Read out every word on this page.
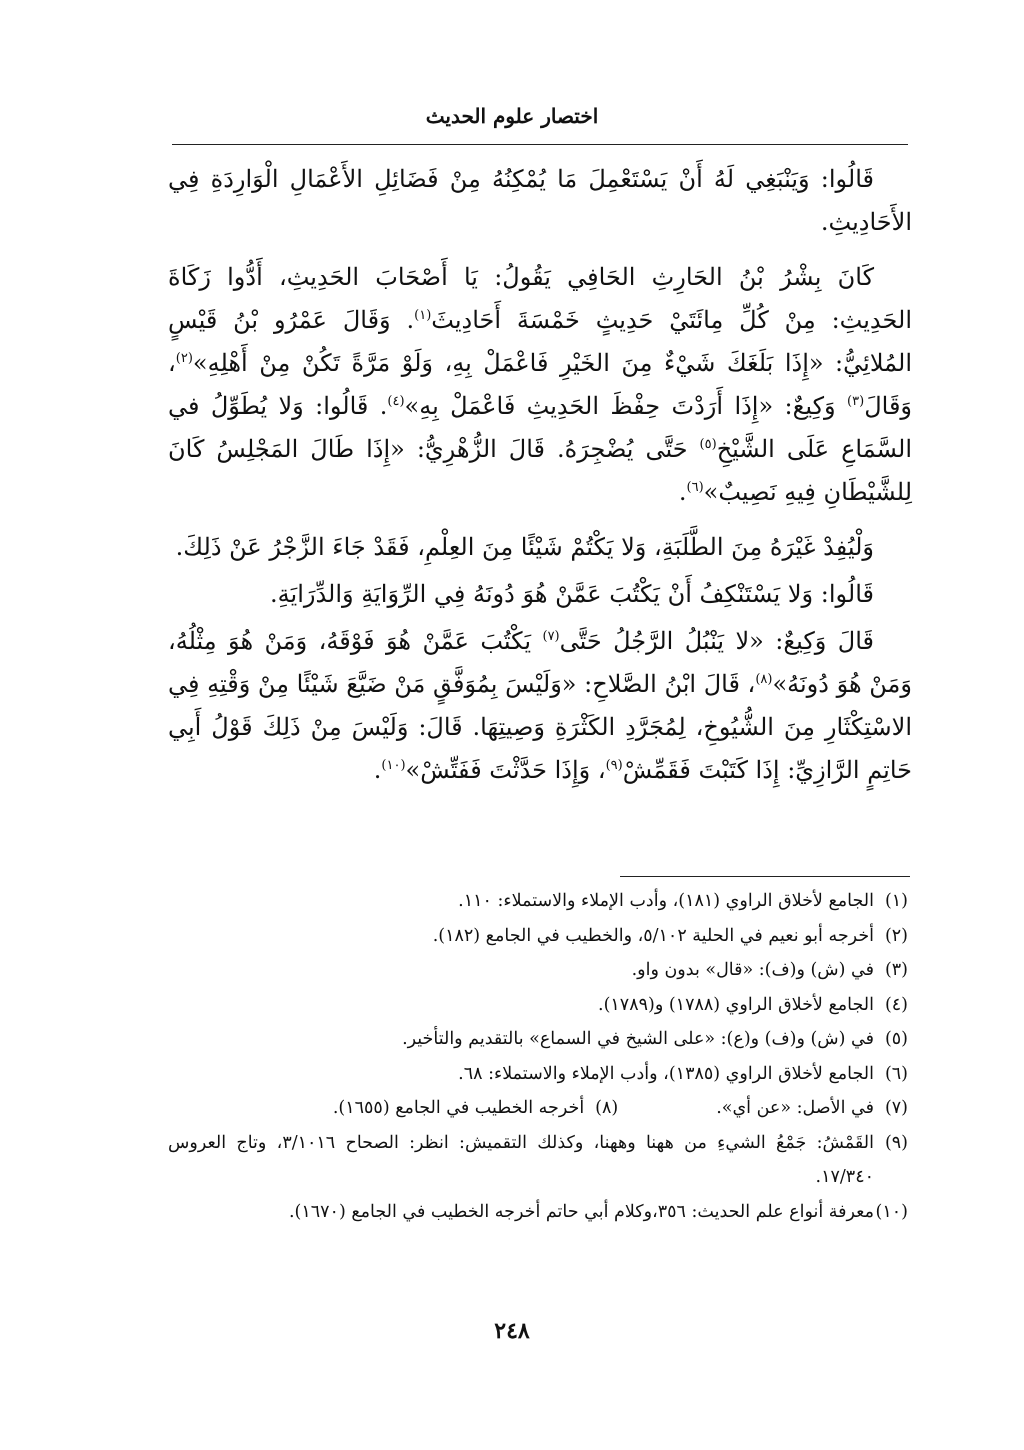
اختصار علوم الحديث

قَالُوا: وَيَنْبَغِي لَهُ أَنْ يَسْتَعْمِلَ مَا يُمْكِنُهُ مِنْ فَضَائِلِ الأَعْمَالِ الْوَارِدَةِ فِي الأَحَادِيثِ.

كَانَ بِشْرُ بْنُ الحَارِثِ الحَافِي يَقُولُ: يَا أَصْحَابَ الحَدِيثِ، أَدُّوا زَكَاةَ الحَدِيثِ: مِنْ كُلِّ مِائَتَيْ حَدِيثٍ خَمْسَةَ أَحَادِيثَ$^{(١)}$. وَقَالَ عَمْرُو بْنُ قَيْسٍ المُلائِيُّ: «إِذَا بَلَغَكَ شَيْءٌ مِنَ الخَيْرِ فَاعْمَلْ بِهِ، وَلَوْ مَرَّةً تَكُنْ مِنْ أَهْلِهِ»$^{(٢)}$، وَقَالَ$^{(٣)}$ وَكِيعٌ: «إِذَا أَرَدْتَ حِفْظَ الحَدِيثِ فَاعْمَلْ بِهِ»$^{(٤)}$. قَالُوا: وَلا يُطَوِّلُ في السَّمَاعِ عَلَى الشَّيْخِ$^{(٥)}$ حَتَّى يُضْجِرَهُ. قَالَ الزُّهْرِيُّ: «إِذَا طَالَ المَجْلِسُ كَانَ لِلشَّيْطَانِ فِيهِ نَصِيبٌ»$^{(٦)}$.

وَلْيُفِدْ غَيْرَهُ مِنَ الطَّلَبَةِ، وَلا يَكْتُمْ شَيْئًا مِنَ العِلْمِ، فَقَدْ جَاءَ الزَّجْرُ عَنْ ذَلِكَ.

قَالُوا: وَلا يَسْتَنْكِفُ أَنْ يَكْتُبَ عَمَّنْ هُوَ دُونَهُ فِي الرِّوَايَةِ وَالدِّرَايَةِ.

قَالَ وَكِيعٌ: «لا يَنْبُلُ الرَّجُلُ حَتَّى$^{(٧)}$ يَكْتُبَ عَمَّنْ هُوَ فَوْقَهُ، وَمَنْ هُوَ مِثْلُهُ، وَمَنْ هُوَ دُونَهُ»$^{(٨)}$، قَالَ ابْنُ الصَّلاحِ: «وَلَيْسَ بِمُوَفَّقٍ مَنْ ضَيَّعَ شَيْئًا مِنْ وَقْتِهِ فِي الاسْتِكْثَارِ مِنَ الشُّيُوخِ، لِمُجَرَّدِ الكَثْرَةِ وَصِيتِهَا. قَالَ: وَلَيْسَ مِنْ ذَلِكَ قَوْلُ أَبِي حَاتِمٍ الرَّازِيِّ: إِذَا كَتَبْتَ فَقَمِّشْ$^{(٩)}$، وَإِذَا حَدَّثْتَ فَفَتِّشْ»$^{(١٠)}$.

(١)
الجامع لأخلاق الراوي (١٨١)، وأدب الإملاء والاستملاء: ١١٠.
(٢)
أخرجه أبو نعيم في الحلية ٥/١٠٢، والخطيب في الجامع (١٨٢).
(٣)
في (ش) و(ف): «قال» بدون واو.
(٤)
الجامع لأخلاق الراوي (١٧٨٨) و(١٧٨٩).
(٥)
في (ش) و(ف) و(ع): «على الشيخ في السماع» بالتقديم والتأخير.
(٦)
الجامع لأخلاق الراوي (١٣٨٥)، وأدب الإملاء والاستملاء: ٦٨.
(٧)
في الأصل: «عن أي».
(٨)
أخرجه الخطيب في الجامع (١٦٥٥).
(٩)
القَمْشُ: جَمْعُ الشيءِ من ههنا وههنا، وكذلك التقميش: انظر: الصحاح ٣/١٠١٦، وتاج العروس ١٧/٣٤٠.
(١٠)
معرفة أنواع علم الحديث: ٣٥٦،وكلام أبي حاتم أخرجه الخطيب في الجامع (١٦٧٠).
٢٤٨
